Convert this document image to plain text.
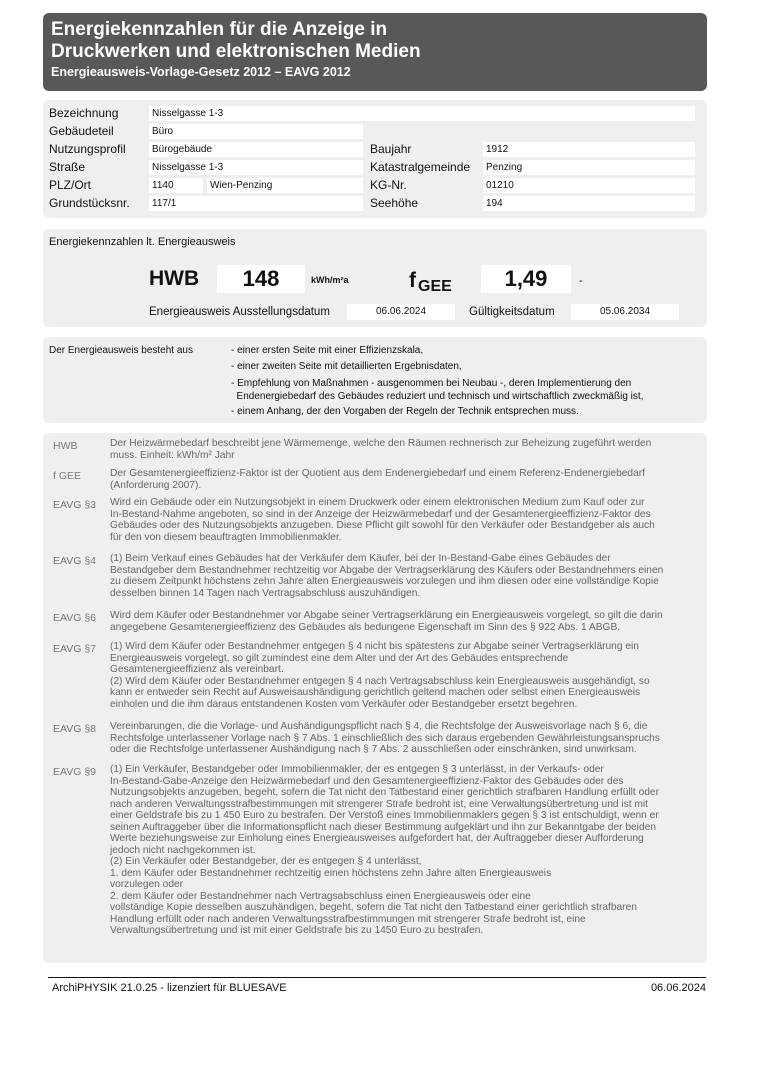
Energiekennzahlen für die Anzeige in
Druckwerken und elektronischen Medien
Energieausweis-Vorlage-Gesetz 2012 – EAVG 2012
Bezeichnung	Nisselgasse 1-3
Gebäudeteil	Büro
Nutzungsprofil	Bürogebäude	Baujahr	1912
Straße	Nisselgasse 1-3	Katastralgemeinde	Penzing
PLZ/Ort	1140	Wien-Penzing	KG-Nr.	01210
Grundstücksnr.	117/1	Seehöhe	194
Energiekennzahlen lt. Energieausweis
HWB	148	kWh/m²a	f GEE	1,49	-
Energieausweis Ausstellungsdatum	06.06.2024	Gültigkeitsdatum	05.06.2034
Der Energieausweis besteht aus	- einer ersten Seite mit einer Effizienzskala,
- einer zweiten Seite mit detaillierten Ergebnisdaten,
- Empfehlung von Maßnahmen - ausgenommen bei Neubau -, deren Implementierung den
Endenergiebedarf des Gebäudes reduziert und technisch und wirtschaftlich zweckmäßig ist,
- einem Anhang, der den Vorgaben der Regeln der Technik entsprechen muss.
HWB	Der Heizwärmebedarf beschreibt jene Wärmemenge, welche den Räumen rechnerisch zur Beheizung zugeführt werden
muss. Einheit: kWh/m² Jahr
f GEE	Der Gesamtenergieeffizienz-Faktor ist der Quotient aus dem Endenergiebedarf und einem Referenz-Endenergiebedarf
(Anforderung 2007).
EAVG §3	Wird ein Gebäude oder ein Nutzungsobjekt in einem Druckwerk oder einem elektronischen Medium zum Kauf oder zur
In-Bestand-Nahme angeboten, so sind in der Anzeige der Heizwärmebedarf und der Gesamtenergieeffizienz-Faktor des
Gebäudes oder des Nutzungsobjekts anzugeben. Diese Pflicht gilt sowohl für den Verkäufer oder Bestandgeber als auch
für den von diesem beauftragten Immobilienmakler.
EAVG §4	(1) Beim Verkauf eines Gebäudes hat der Verkäufer dem Käufer, bei der In-Bestand-Gabe eines Gebäudes der
Bestandgeber dem Bestandnehmer rechtzeitig vor Abgabe der Vertragserklärung des Käufers oder Bestandnehmers einen
zu diesem Zeitpunkt höchstens zehn Jahre alten Energieausweis vorzulegen und ihm diesen oder eine vollständige Kopie
desselben binnen 14 Tagen nach Vertragsabschluss auszuhändigen.
EAVG §6	Wird dem Käufer oder Bestandnehmer vor Abgabe seiner Vertragserklärung ein Energieausweis vorgelegt, so gilt die darin
angegebene Gesamtenergieeffizienz des Gebäudes als bedungene Eigenschaft im Sinn des § 922 Abs. 1 ABGB.
EAVG §7	(1) Wird dem Käufer oder Bestandnehmer entgegen § 4 nicht bis spätestens zur Abgabe seiner Vertragserklärung ein
Energieausweis vorgelegt, so gilt zumindest eine dem Alter und der Art des Gebäudes entsprechende
Gesamtenergieeffizienz als vereinbart.
(2) Wird dem Käufer oder Bestandnehmer entgegen § 4 nach Vertragsabschluss kein Energieausweis ausgehändigt, so
kann er entweder sein Recht auf Ausweisaushändigung gerichtlich geltend machen oder selbst einen Energieausweis
einholen und die ihm daraus entstandenen Kosten vom Verkäufer oder Bestandgeber ersetzt begehren.
EAVG §8	Vereinbarungen, die die Vorlage- und Aushändigungspflicht nach § 4, die Rechtsfolge der Ausweisvorlage nach § 6, die
Rechtsfolge unterlassener Vorlage nach § 7 Abs. 1 einschließlich des sich daraus ergebenden Gewährleistungsanspruchs
oder die Rechtsfolge unterlassener Aushändigung nach § 7 Abs. 2 ausschließen oder einschränken, sind unwirksam.
EAVG §9	(1) Ein Verkäufer, Bestandgeber oder Immobilienmakler, der es entgegen § 3 unterlässt, in der Verkaufs- oder
In-Bestand-Gabe-Anzeige den Heizwärmebedarf und den Gesamtenergieeffizienz-Faktor des Gebäudes oder des
Nutzungsobjekts anzugeben, begeht, sofern die Tat nicht den Tatbestand einer gerichtlich strafbaren Handlung erfüllt oder
nach anderen Verwaltungsstrafbestimmungen mit strengerer Strafe bedroht ist, eine Verwaltungsübertretung und ist mit
einer Geldstrafe bis zu 1 450 Euro zu bestrafen. Der Verstoß eines Immobilienmaklers gegen § 3 ist entschuldigt, wenn er
seinen Auftraggeber über die Informationspflicht nach dieser Bestimmung aufgeklärt und ihn zur Bekanntgabe der beiden
Werte beziehungsweise zur Einholung eines Energieausweises aufgefordert hat, der Auftraggeber dieser Aufforderung
jedoch nicht nachgekommen ist.
(2) Ein Verkäufer oder Bestandgeber, der es entgegen § 4 unterlässt,
1. dem Käufer oder Bestandnehmer rechtzeitig einen höchstens zehn Jahre alten Energieausweis
vorzulegen oder
2. dem Käufer oder Bestandnehmer nach Vertragsabschluss einen Energieausweis oder eine
vollständige Kopie desselben auszuhändigen, begeht, sofern die Tat nicht den Tatbestand einer gerichtlich strafbaren
Handlung erfüllt oder nach anderen Verwaltungsstrafbestimmungen mit strengerer Strafe bedroht ist, eine
Verwaltungsübertretung und ist mit einer Geldstrafe bis zu 1450 Euro zu bestrafen.
ArchiPHYSIK 21.0.25 - lizenziert für BLUESAVE	06.06.2024
